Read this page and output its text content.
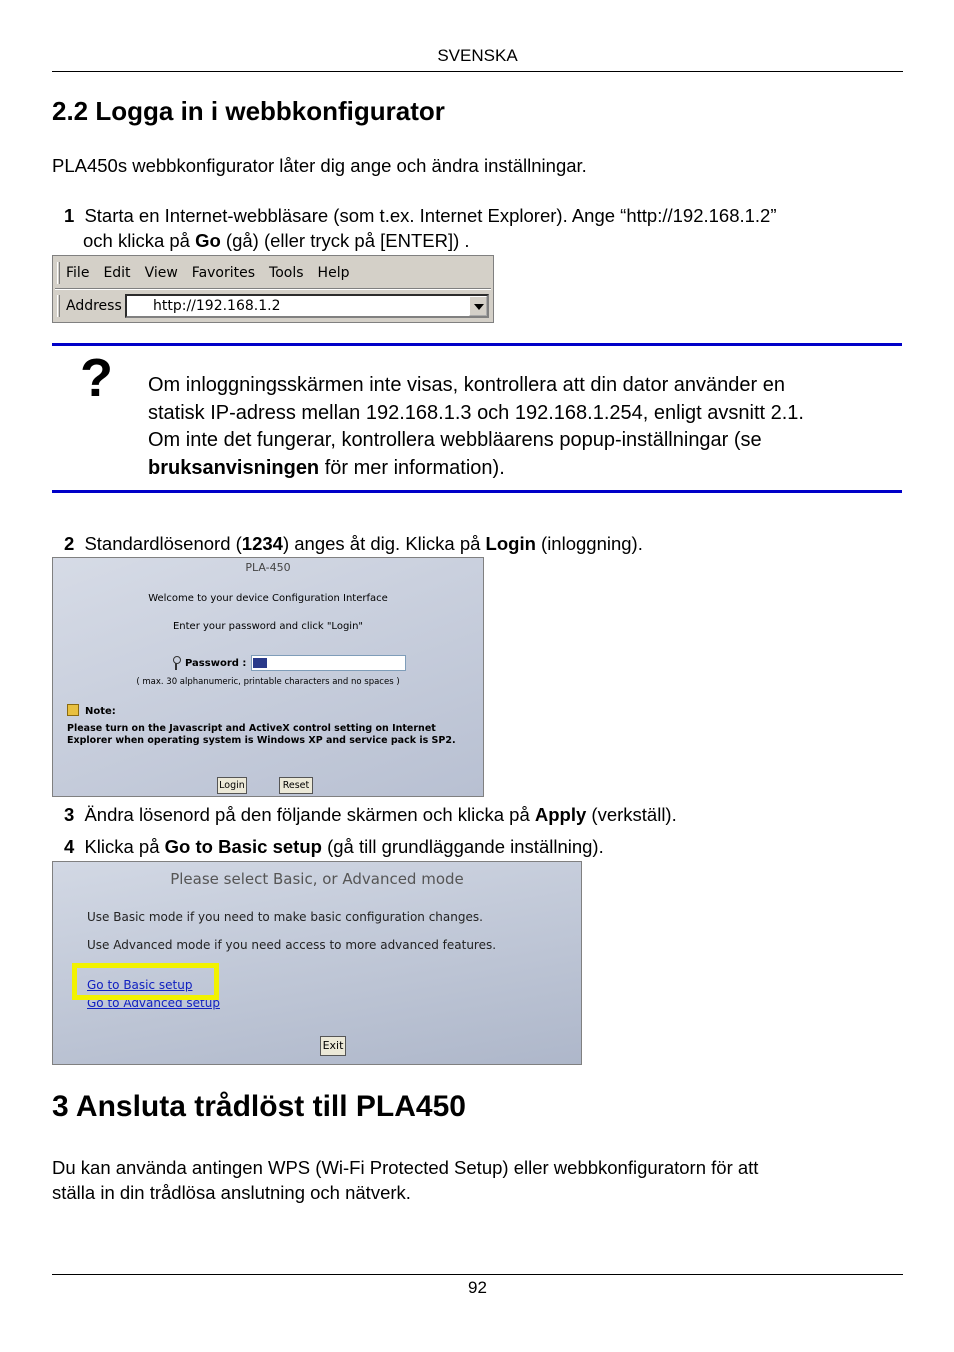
SVENSKA
2.2 Logga in i webbkonfigurator
PLA450s webbkonfigurator låter dig ange och ändra inställningar.
1 Starta en Internet-webbläsare (som t.ex. Internet Explorer). Ange “http://192.168.1.2”
och klicka på Go (gå) (eller tryck på [ENTER]) .
File Edit View Favorites Tools Help
Address	http://192.168.1.2
? Om inloggningsskärmen inte visas, kontrollera att din dator använder en
statisk IP-adress mellan 192.168.1.3 och 192.168.1.254, enligt avsnitt 2.1.
Om inte det fungerar, kontrollera webbläarens popup-inställningar (se
bruksanvisningen för mer information).
2 Standardlösenord (1234) anges åt dig. Klicka på Login (inloggning).
PLA-450
Welcome to your device Configuration Interface
Enter your password and click "Login"
Password :
( max. 30 alphanumeric, printable characters and no spaces )
Note:
Please turn on the Javascript and ActiveX control setting on Internet Explorer when operating system is Windows XP and service pack is SP2.
Login	Reset
3 Ändra lösenord på den följande skärmen och klicka på Apply (verkställ).
4 Klicka på Go to Basic setup (gå till grundläggande inställning).
Please select Basic, or Advanced mode
Use Basic mode if you need to make basic configuration changes.
Use Advanced mode if you need access to more advanced features.
Go to Basic setup
Go to Advanced setup
Exit
3 Ansluta trådlöst till PLA450
Du kan använda antingen WPS (Wi-Fi Protected Setup) eller webbkonfiguratorn för att
ställa in din trådlösa anslutning och nätverk.
92
